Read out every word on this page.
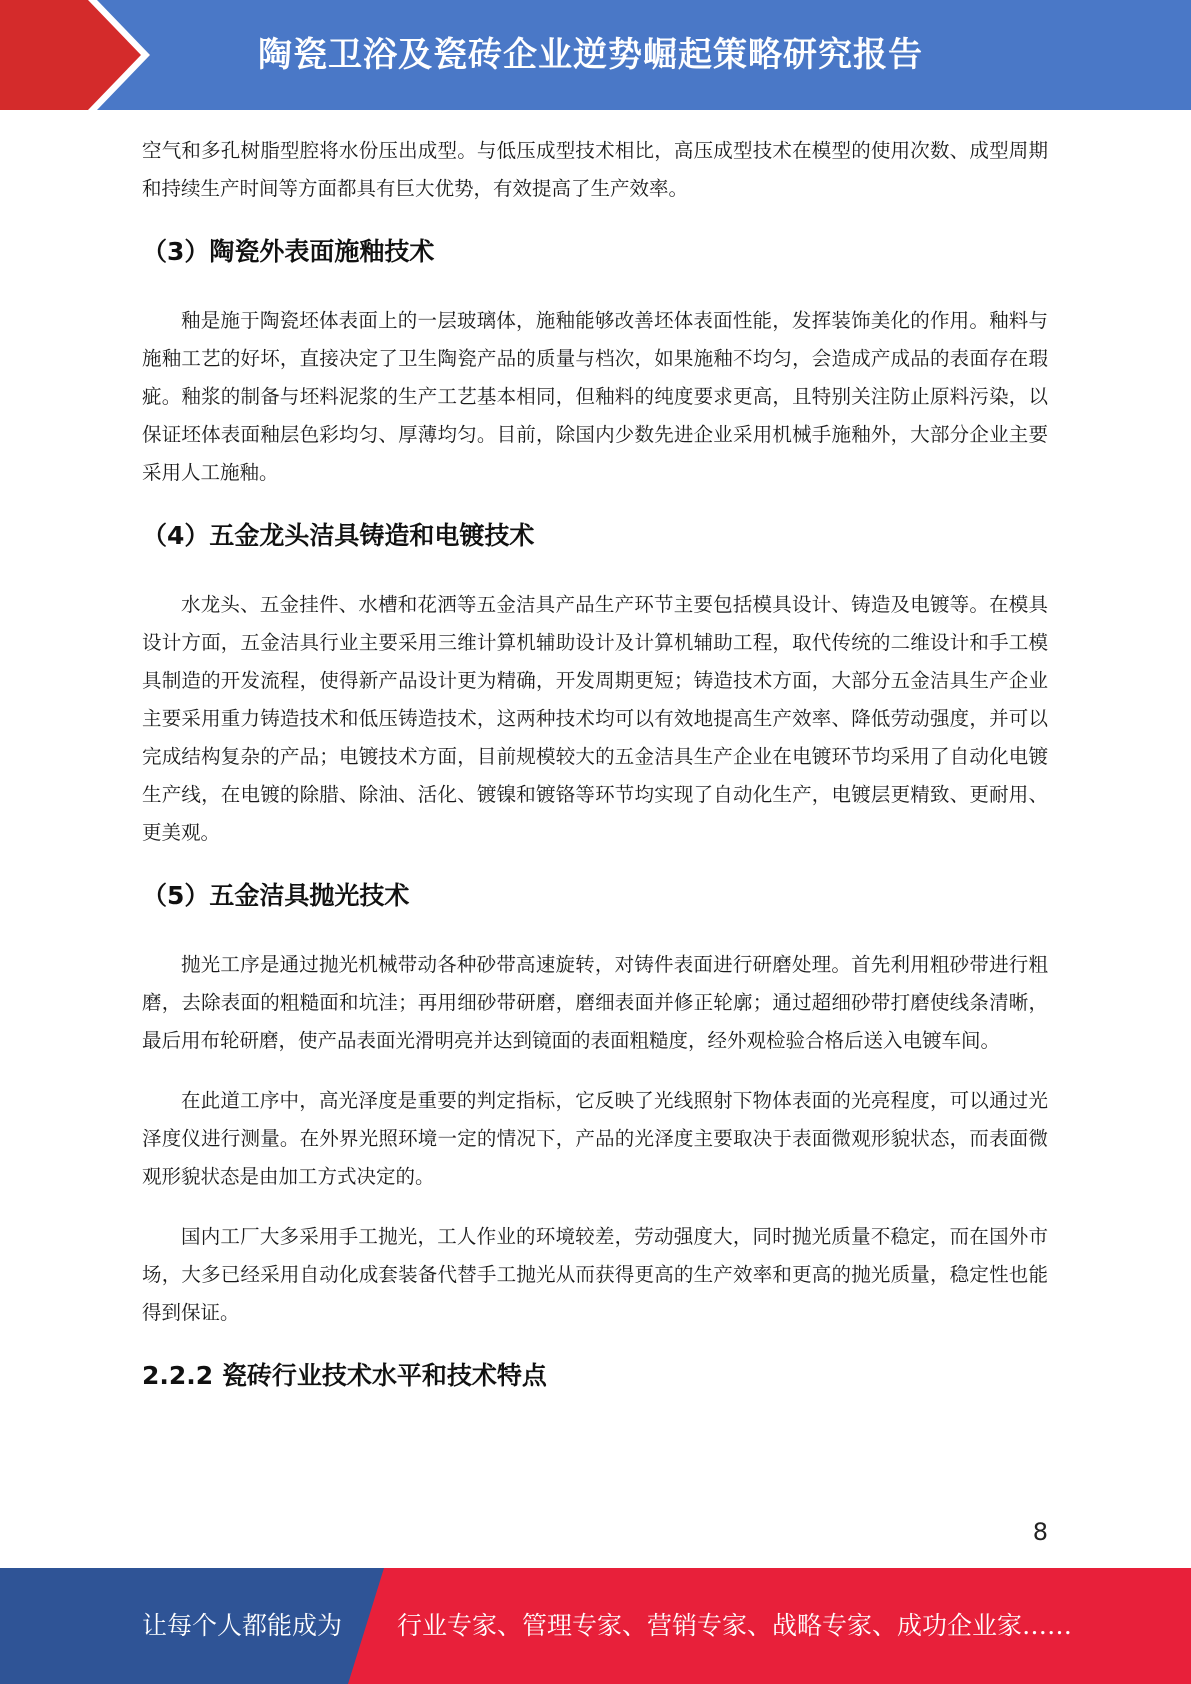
陶瓷卫浴及瓷砖企业逆势崛起策略研究报告

空气和多孔树脂型腔将水份压出成型。与低压成型技术相比，高压成型技术在模型的使用次数、成型周期和持续生产时间等方面都具有巨大优势，有效提高了生产效率。

（3）陶瓷外表面施釉技术

釉是施于陶瓷坯体表面上的一层玻璃体，施釉能够改善坯体表面性能，发挥装饰美化的作用。釉料与施釉工艺的好坏，直接决定了卫生陶瓷产品的质量与档次，如果施釉不均匀，会造成产成品的表面存在瑕疵。釉浆的制备与坯料泥浆的生产工艺基本相同，但釉料的纯度要求更高，且特别关注防止原料污染，以保证坯体表面釉层色彩均匀、厚薄均匀。目前，除国内少数先进企业采用机械手施釉外，大部分企业主要采用人工施釉。

（4）五金龙头洁具铸造和电镀技术

水龙头、五金挂件、水槽和花洒等五金洁具产品生产环节主要包括模具设计、铸造及电镀等。在模具设计方面，五金洁具行业主要采用三维计算机辅助设计及计算机辅助工程，取代传统的二维设计和手工模具制造的开发流程，使得新产品设计更为精确，开发周期更短；铸造技术方面，大部分五金洁具生产企业主要采用重力铸造技术和低压铸造技术，这两种技术均可以有效地提高生产效率、降低劳动强度，并可以完成结构复杂的产品；电镀技术方面，目前规模较大的五金洁具生产企业在电镀环节均采用了自动化电镀生产线，在电镀的除腊、除油、活化、镀镍和镀铬等环节均实现了自动化生产，电镀层更精致、更耐用、更美观。

（5）五金洁具抛光技术

抛光工序是通过抛光机械带动各种砂带高速旋转，对铸件表面进行研磨处理。首先利用粗砂带进行粗磨，去除表面的粗糙面和坑洼；再用细砂带研磨，磨细表面并修正轮廓；通过超细砂带打磨使线条清晰，最后用布轮研磨，使产品表面光滑明亮并达到镜面的表面粗糙度，经外观检验合格后送入电镀车间。

在此道工序中，高光泽度是重要的判定指标，它反映了光线照射下物体表面的光亮程度，可以通过光泽度仪进行测量。在外界光照环境一定的情况下，产品的光泽度主要取决于表面微观形貌状态，而表面微观形貌状态是由加工方式决定的。

国内工厂大多采用手工抛光，工人作业的环境较差，劳动强度大，同时抛光质量不稳定，而在国外市场，大多已经采用自动化成套装备代替手工抛光从而获得更高的生产效率和更高的抛光质量，稳定性也能得到保证。

2.2.2 瓷砖行业技术水平和技术特点
8
让每个人都能成为 行业专家、管理专家、营销专家、战略专家、成功企业家……
